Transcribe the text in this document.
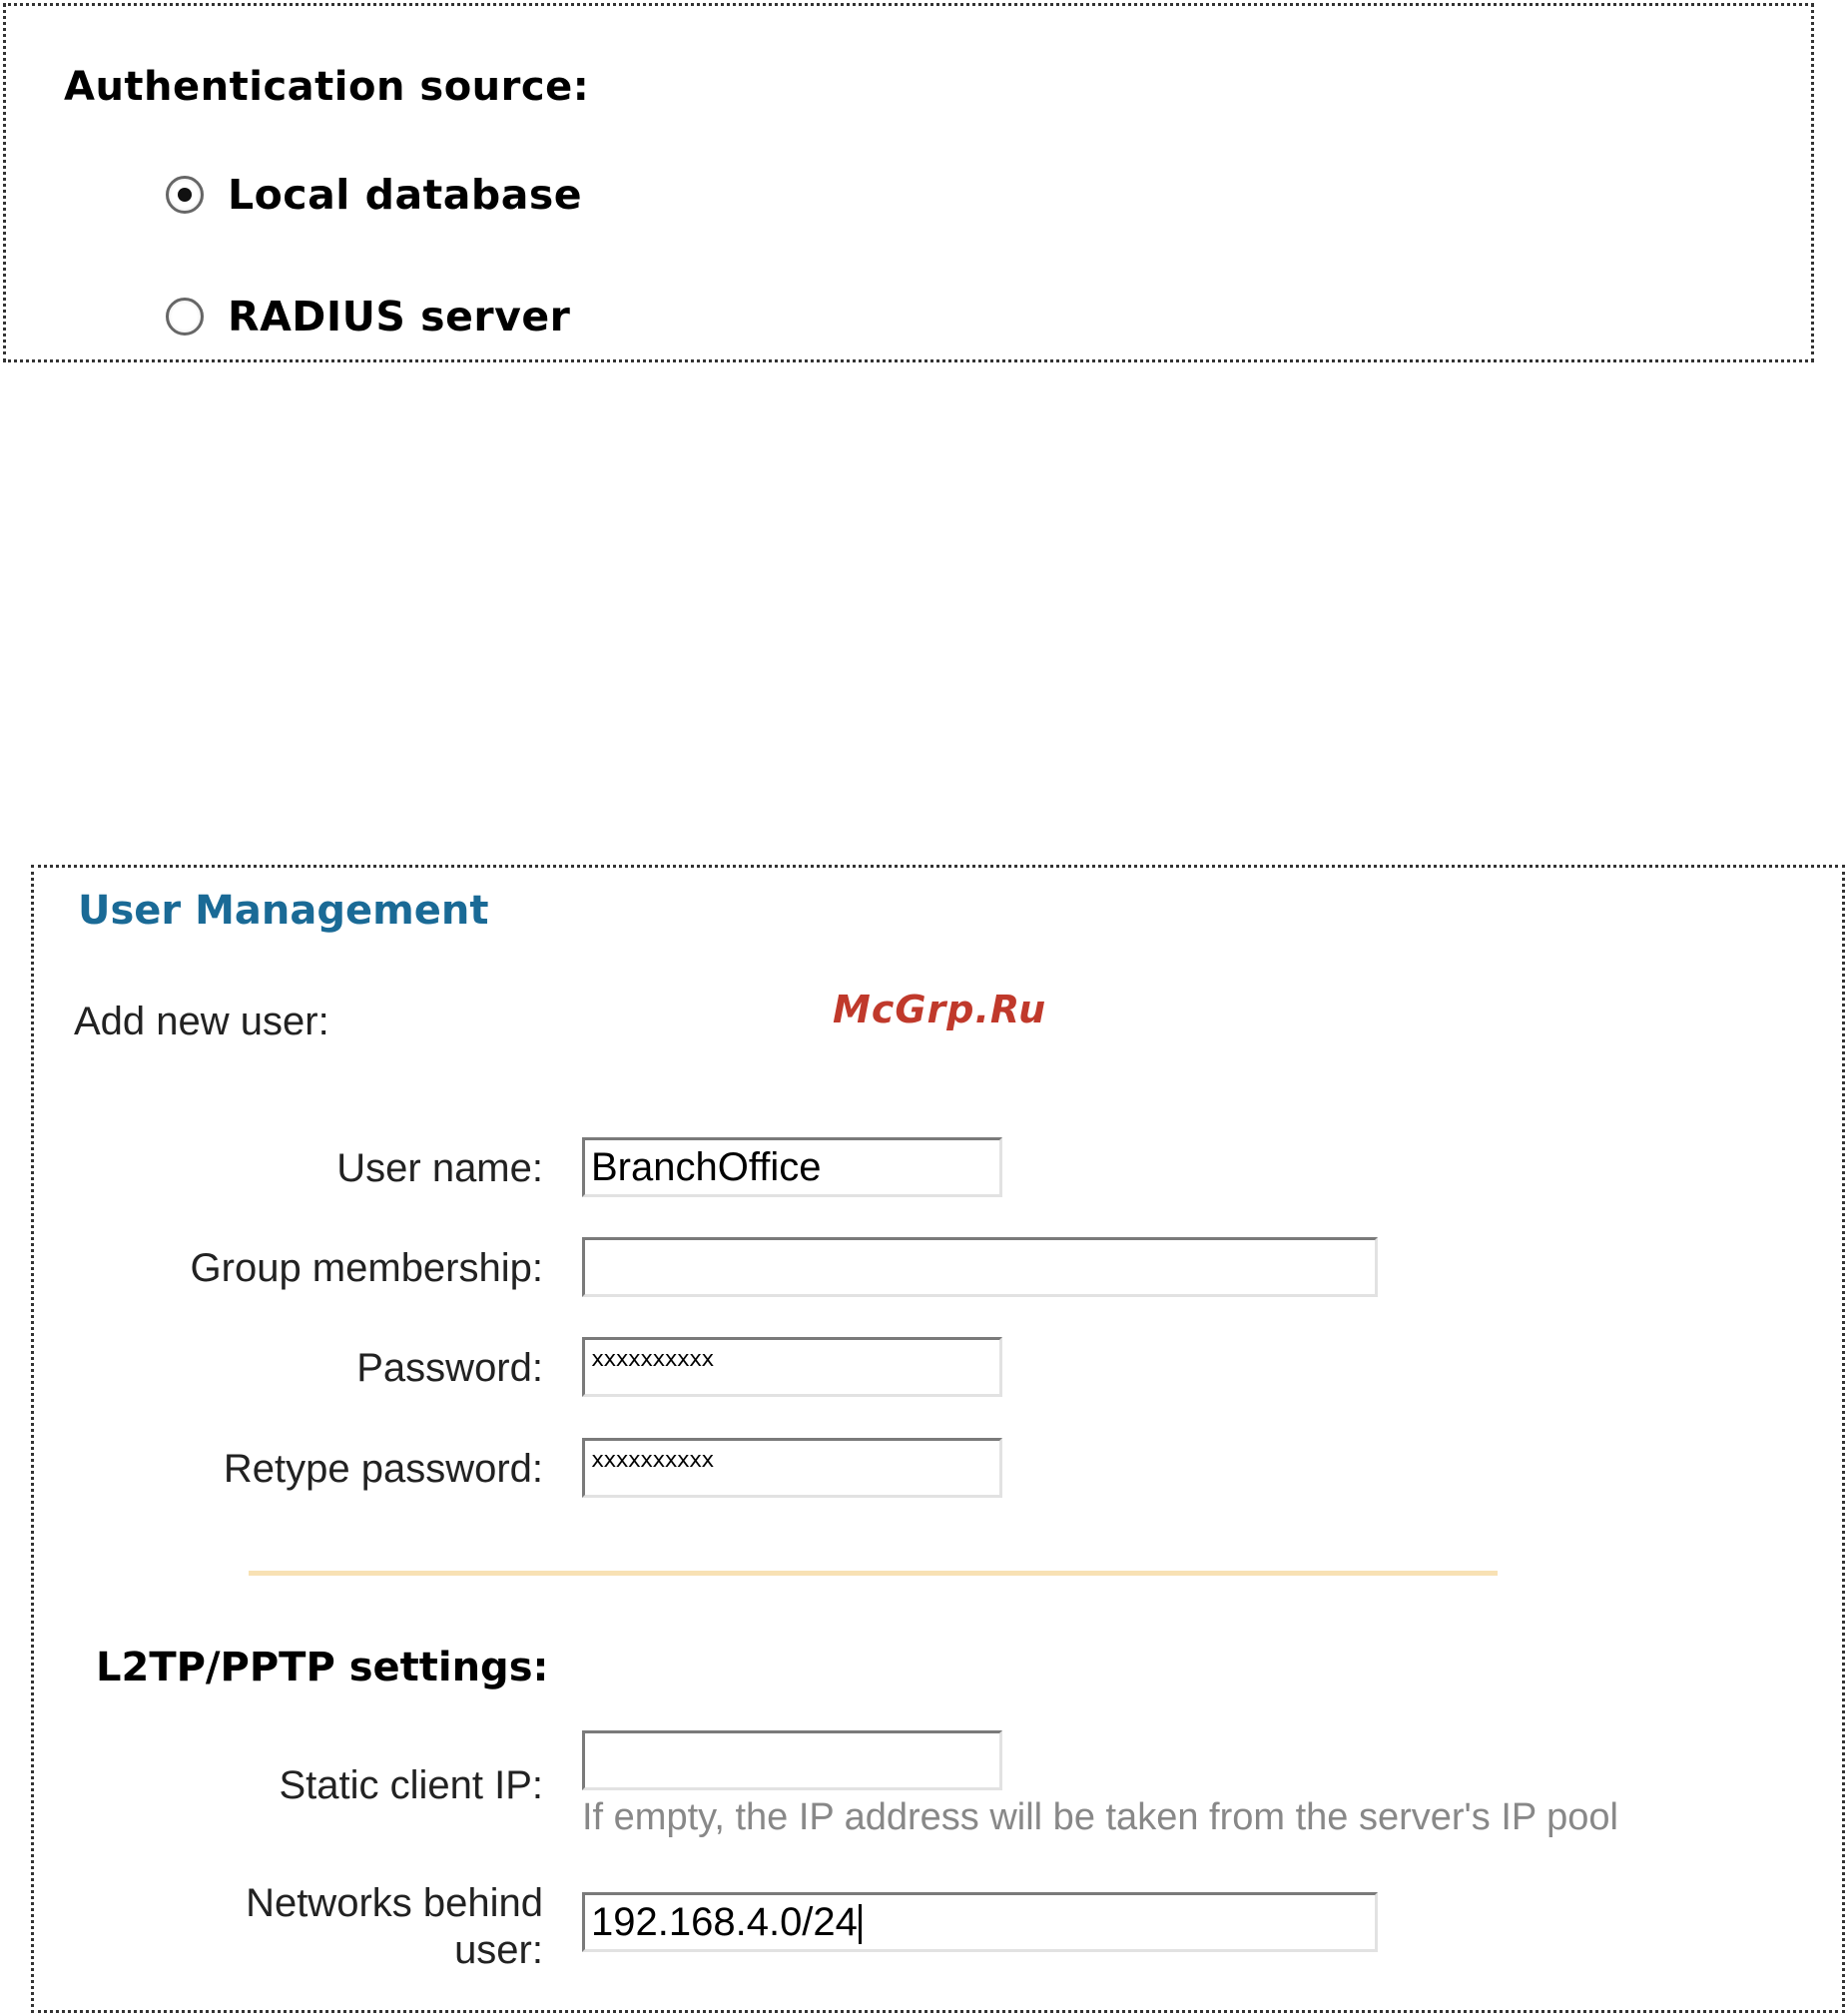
Authentication source:
Local database
RADIUS server
User Management
McGrp.Ru
Add new user:
User name: BranchOffice
Group membership:
Password:	xxxxxxxxxx
Retype password:	xxxxxxxxxx
L2TP/PPTP settings:
Static client IP:
If empty, the IP address will be taken from the server's IP pool
Networks behind
user:
192.168.4.0/24
